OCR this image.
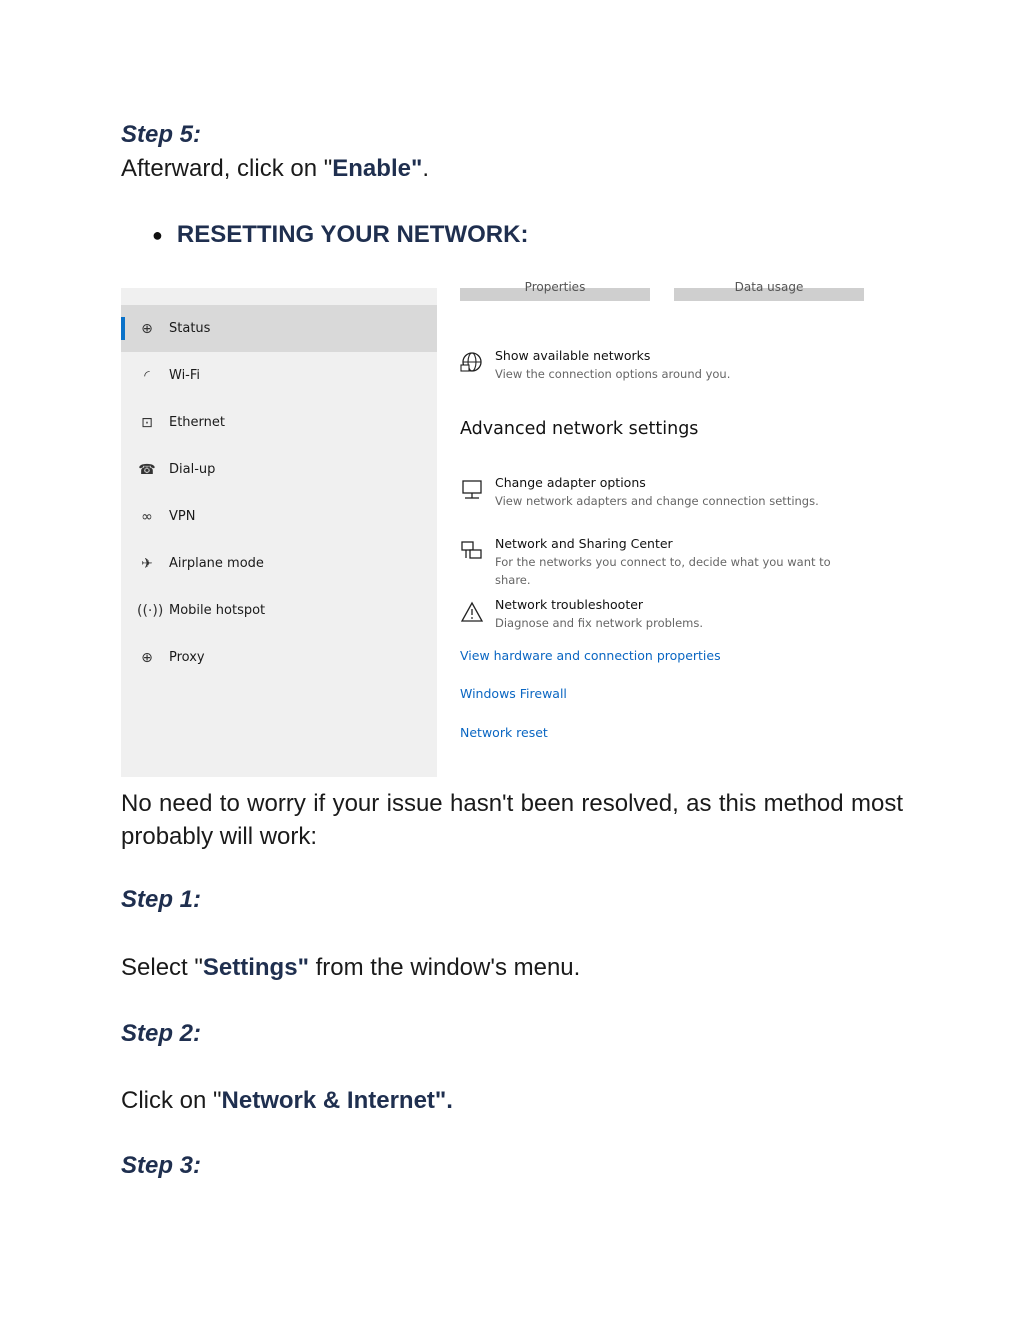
Step 5:

Afterward, click on "Enable".

● RESETTING YOUR NETWORK:
⊕	Status
◜	Wi-Fi
⊡	Ethernet
☎ Dial-up
∞	VPN
✈	Airplane mode
((·)) Mobile hotspot
⊕	Proxy
Properties	Data usage
Show available networks
View the connection options around you.
Advanced network settings
Change adapter options
View network adapters and change connection settings.
Network and Sharing Center
For the networks you connect to, decide what you want to share.
Network troubleshooter
Diagnose and fix network problems.
View hardware and connection properties
Windows Firewall
Network reset

No need to worry if your issue hasn't been resolved, as this method most probably will work:

Step 1:

Select "Settings" from the window's menu.

Step 2:

Click on "Network & Internet".

Step 3:
